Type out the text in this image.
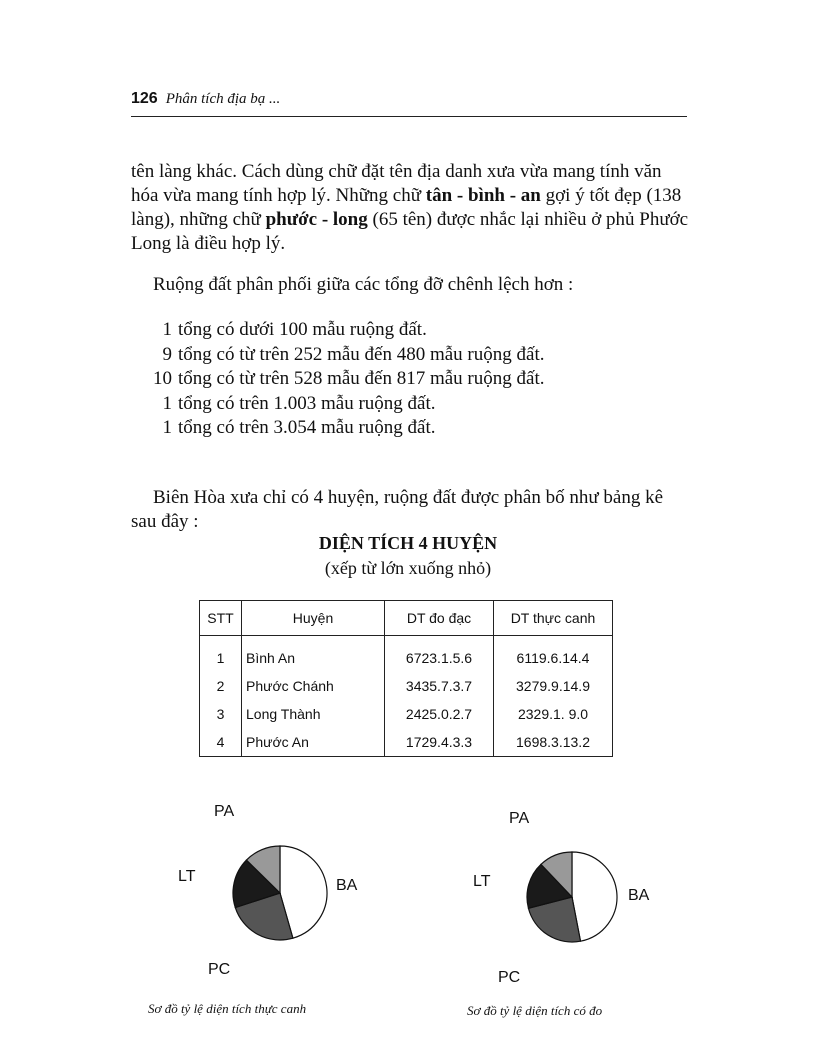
126 Phân tích địa bạ ...

tên làng khác. Cách dùng chữ đặt tên địa danh xưa vừa mang tính văn hóa vừa mang tính hợp lý. Những chữ tân - bình - an gợi ý tốt đẹp (138 làng), những chữ phước - long (65 tên) được nhắc lại nhiều ở phủ Phước Long là điều hợp lý.

Ruộng đất phân phối giữa các tổng đỡ chênh lệch hơn :

1 tổng có dưới 100 mẫu ruộng đất.
9 tổng có từ trên 252 mẫu đến 480 mẫu ruộng đất.
10 tổng có từ trên 528 mẫu đến 817 mẫu ruộng đất.
1 tổng có trên 1.003 mẫu ruộng đất.
1 tổng có trên 3.054 mẫu ruộng đất.

Biên Hòa xưa chỉ có 4 huyện, ruộng đất được phân bố như bảng kê sau đây :

DIỆN TÍCH 4 HUYỆN

(xếp từ lớn xuống nhỏ)

STT	Huyện	DT đo đạc	DT thực canh
1	Bình An	6723.1.5.6	6119.6.14.4
2	Phước Chánh	3435.7.3.7	3279.9.14.9
3	Long Thành	2425.0.2.7	2329.1. 9.0
4	Phước An	1729.4.3.3	1698.3.13.2
PA
LT
BA
PC
Sơ đồ tỷ lệ diện tích thực canh
PA
LT
BA
PC
Sơ đồ tỷ lệ diện tích có đo
